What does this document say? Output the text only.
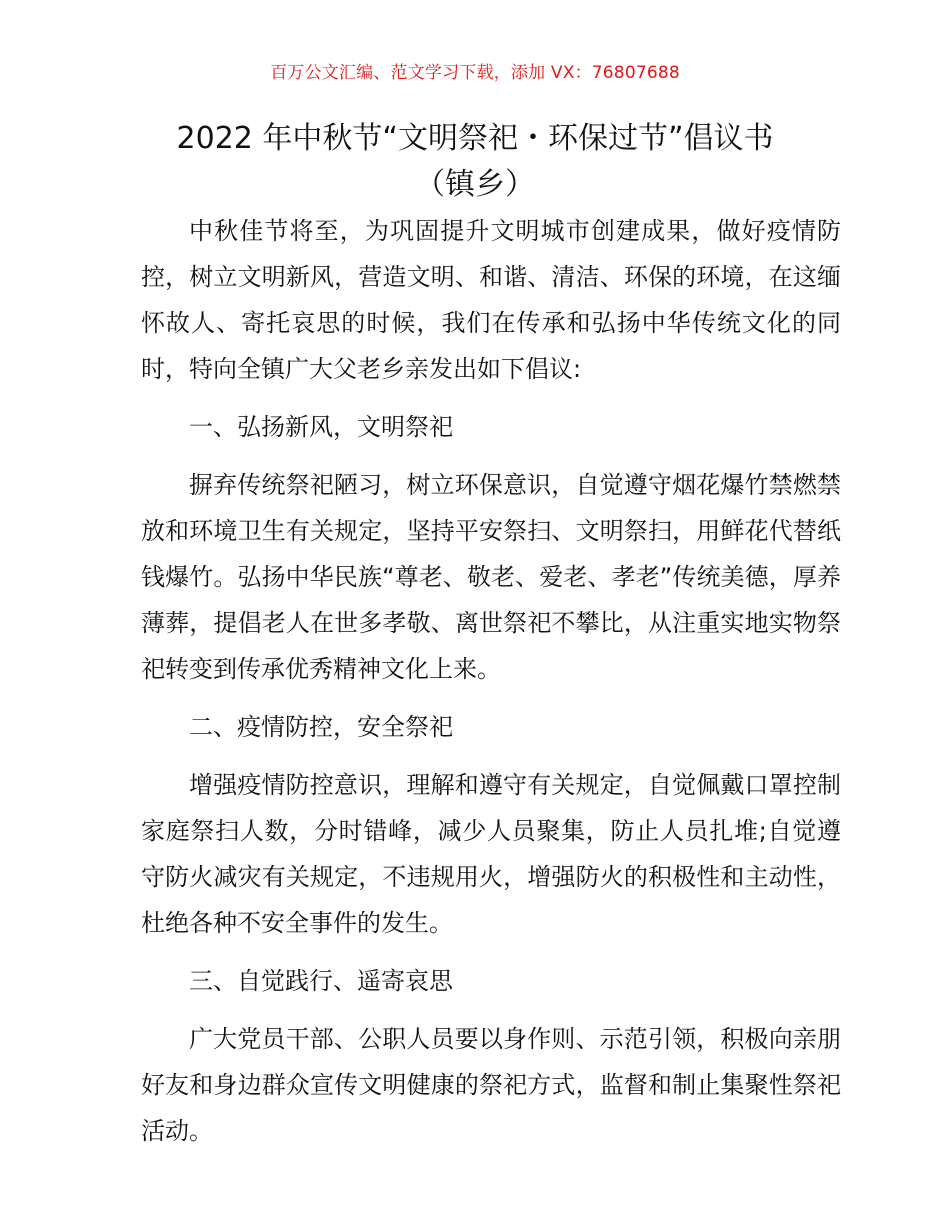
百万公文汇编、范文学习下载，添加 VX：76807688
2022 年中秋节“文明祭祀・环保过节”倡议书
（镇乡）

中秋佳节将至，为巩固提升文明城市创建成果，做好疫情防控，树立文明新风，营造文明、和谐、清洁、环保的环境，在这缅怀故人、寄托哀思的时候，我们在传承和弘扬中华传统文化的同时，特向全镇广大父老乡亲发出如下倡议:

一、弘扬新风，文明祭祀

摒弃传统祭祀陋习，树立环保意识，自觉遵守烟花爆竹禁燃禁放和环境卫生有关规定，坚持平安祭扫、文明祭扫，用鲜花代替纸钱爆竹。弘扬中华民族“尊老、敬老、爱老、孝老”传统美德，厚养薄葬，提倡老人在世多孝敬、离世祭祀不攀比，从注重实地实物祭祀转变到传承优秀精神文化上来。

二、疫情防控，安全祭祀

增强疫情防控意识，理解和遵守有关规定，自觉佩戴口罩控制家庭祭扫人数，分时错峰，减少人员聚集，防止人员扎堆;自觉遵守防火减灾有关规定，不违规用火，增强防火的积极性和主动性，杜绝各种不安全事件的发生。

三、自觉践行、遥寄哀思

广大党员干部、公职人员要以身作则、示范引领，积极向亲朋好友和身边群众宣传文明健康的祭祀方式，监督和制止集聚性祭祀活动。
